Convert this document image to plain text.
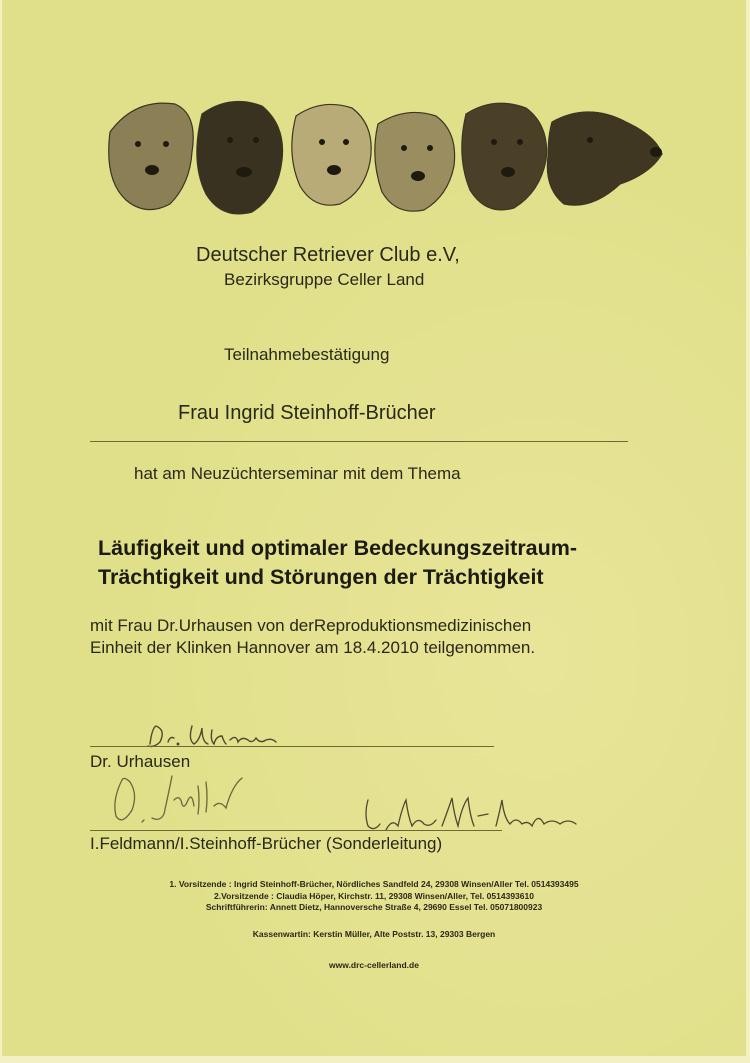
Deutscher Retriever Club e.V,
Bezirksgruppe Celler Land
Teilnahmebestätigung
Frau Ingrid Steinhoff-Brücher
hat am Neuzüchterseminar mit dem Thema
Läufigkeit und optimaler Bedeckungszeitraum-
Trächtigkeit und Störungen der Trächtigkeit
mit Frau Dr.Urhausen von derReproduktionsmedizinischen
Einheit der Klinken Hannover am 18.4.2010 teilgenommen.
Dr. Urhausen
I.Feldmann/I.Steinhoff-Brücher (Sonderleitung)
1. Vorsitzende : Ingrid Steinhoff-Brücher, Nördliches Sandfeld 24, 29308 Winsen/Aller Tel. 0514393495
2.Vorsitzende : Claudia Höper, Kirchstr. 11, 29308 Winsen/Aller, Tel. 0514393610
Schriftführerin: Annett Dietz, Hannoversche Straße 4, 29690 Essel Tel. 05071800923
Kassenwartin: Kerstin Müller, Alte Poststr. 13, 29303 Bergen
www.drc-cellerland.de
